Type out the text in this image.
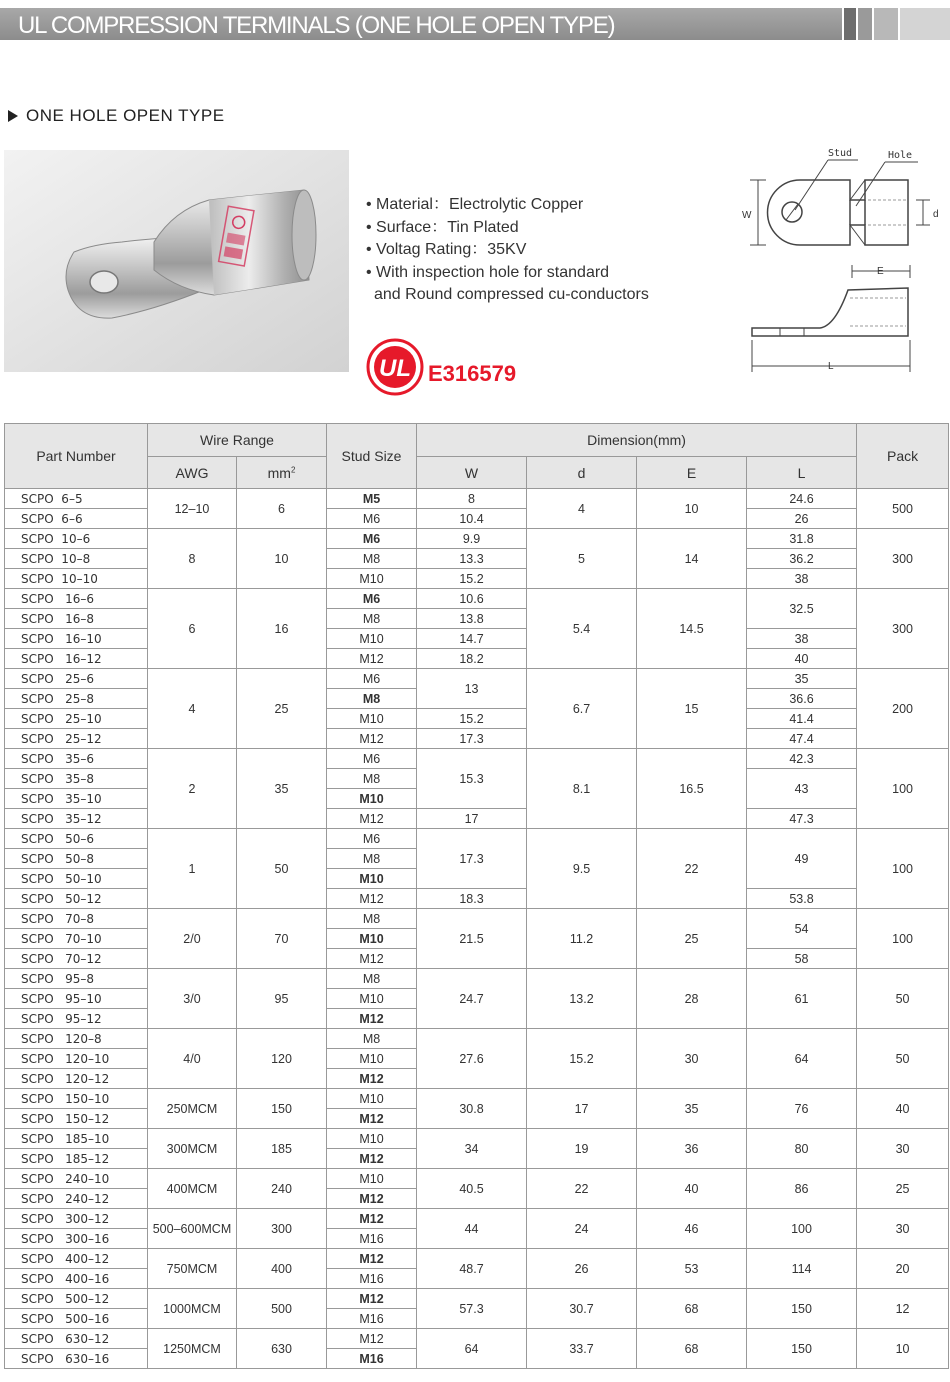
UL COMPRESSION TERMINALS (ONE HOLE OPEN TYPE)
ONE HOLE OPEN TYPE
• Material：Electrolytic Copper
• Surface：Tin Plated
• Voltag Rating：35KV
• With inspection hole for standard
and Round compressed cu-conductors
UL E316579
W	d
Stud	Hole
E
L
Part Number	Wire Range		Stud Size	Dimension(mm)				Pack
	AWG	$mm^2$		W	d	E	L	
SCPO  6–5	12–10	6	M5	8	4	10	24.6	500
SCPO  6–6			M6	10.4			26	
SCPO  10–6	8	10	M6	9.9	5	14	31.8	300
SCPO  10–8			M8	13.3			36.2	
SCPO  10–10			M10	15.2			38	
SCPO   16–6	6	16	M6	10.6	5.4	14.5	32.5	300
SCPO   16–8			M8	13.8				
SCPO   16–10			M10	14.7			38	
SCPO   16–12			M12	18.2			40	
SCPO   25–6	4	25	M6	13	6.7	15	35	200
SCPO   25–8			M8				36.6	
SCPO   25–10			M10	15.2			41.4	
SCPO   25–12			M12	17.3			47.4	
SCPO   35–6	2	35	M6	15.3	8.1	16.5	42.3	100
SCPO   35–8			M8				43	
SCPO   35–10			M10					
SCPO   35–12			M12	17			47.3	
SCPO   50–6	1	50	M6	17.3	9.5	22	49	100
SCPO   50–8			M8					
SCPO   50–10			M10					
SCPO   50–12			M12	18.3			53.8	
SCPO   70–8	2/0	70	M8	21.5	11.2	25	54	100
SCPO   70–10			M10					
SCPO   70–12			M12				58	
SCPO   95–8	3/0	95	M8	24.7	13.2	28	61	50
SCPO   95–10			M10					
SCPO   95–12			M12					
SCPO   120–8	4/0	120	M8	27.6	15.2	30	64	50
SCPO   120–10			M10					
SCPO   120–12			M12					
SCPO   150–10	250MCM	150	M10	30.8	17	35	76	40
SCPO   150–12			M12					
SCPO   185–10	300MCM	185	M10	34	19	36	80	30
SCPO   185–12			M12					
SCPO   240–10	400MCM	240	M10	40.5	22	40	86	25
SCPO   240–12			M12					
SCPO   300–12	500–600MCM	300	M12	44	24	46	100	30
SCPO   300–16			M16					
SCPO   400–12	750MCM	400	M12	48.7	26	53	114	20
SCPO   400–16			M16					
SCPO   500–12	1000MCM	500	M12	57.3	30.7	68	150	12
SCPO   500–16			M16					
SCPO   630–12	1250MCM	630	M12	64	33.7	68	150	10
SCPO   630–16			M16					
